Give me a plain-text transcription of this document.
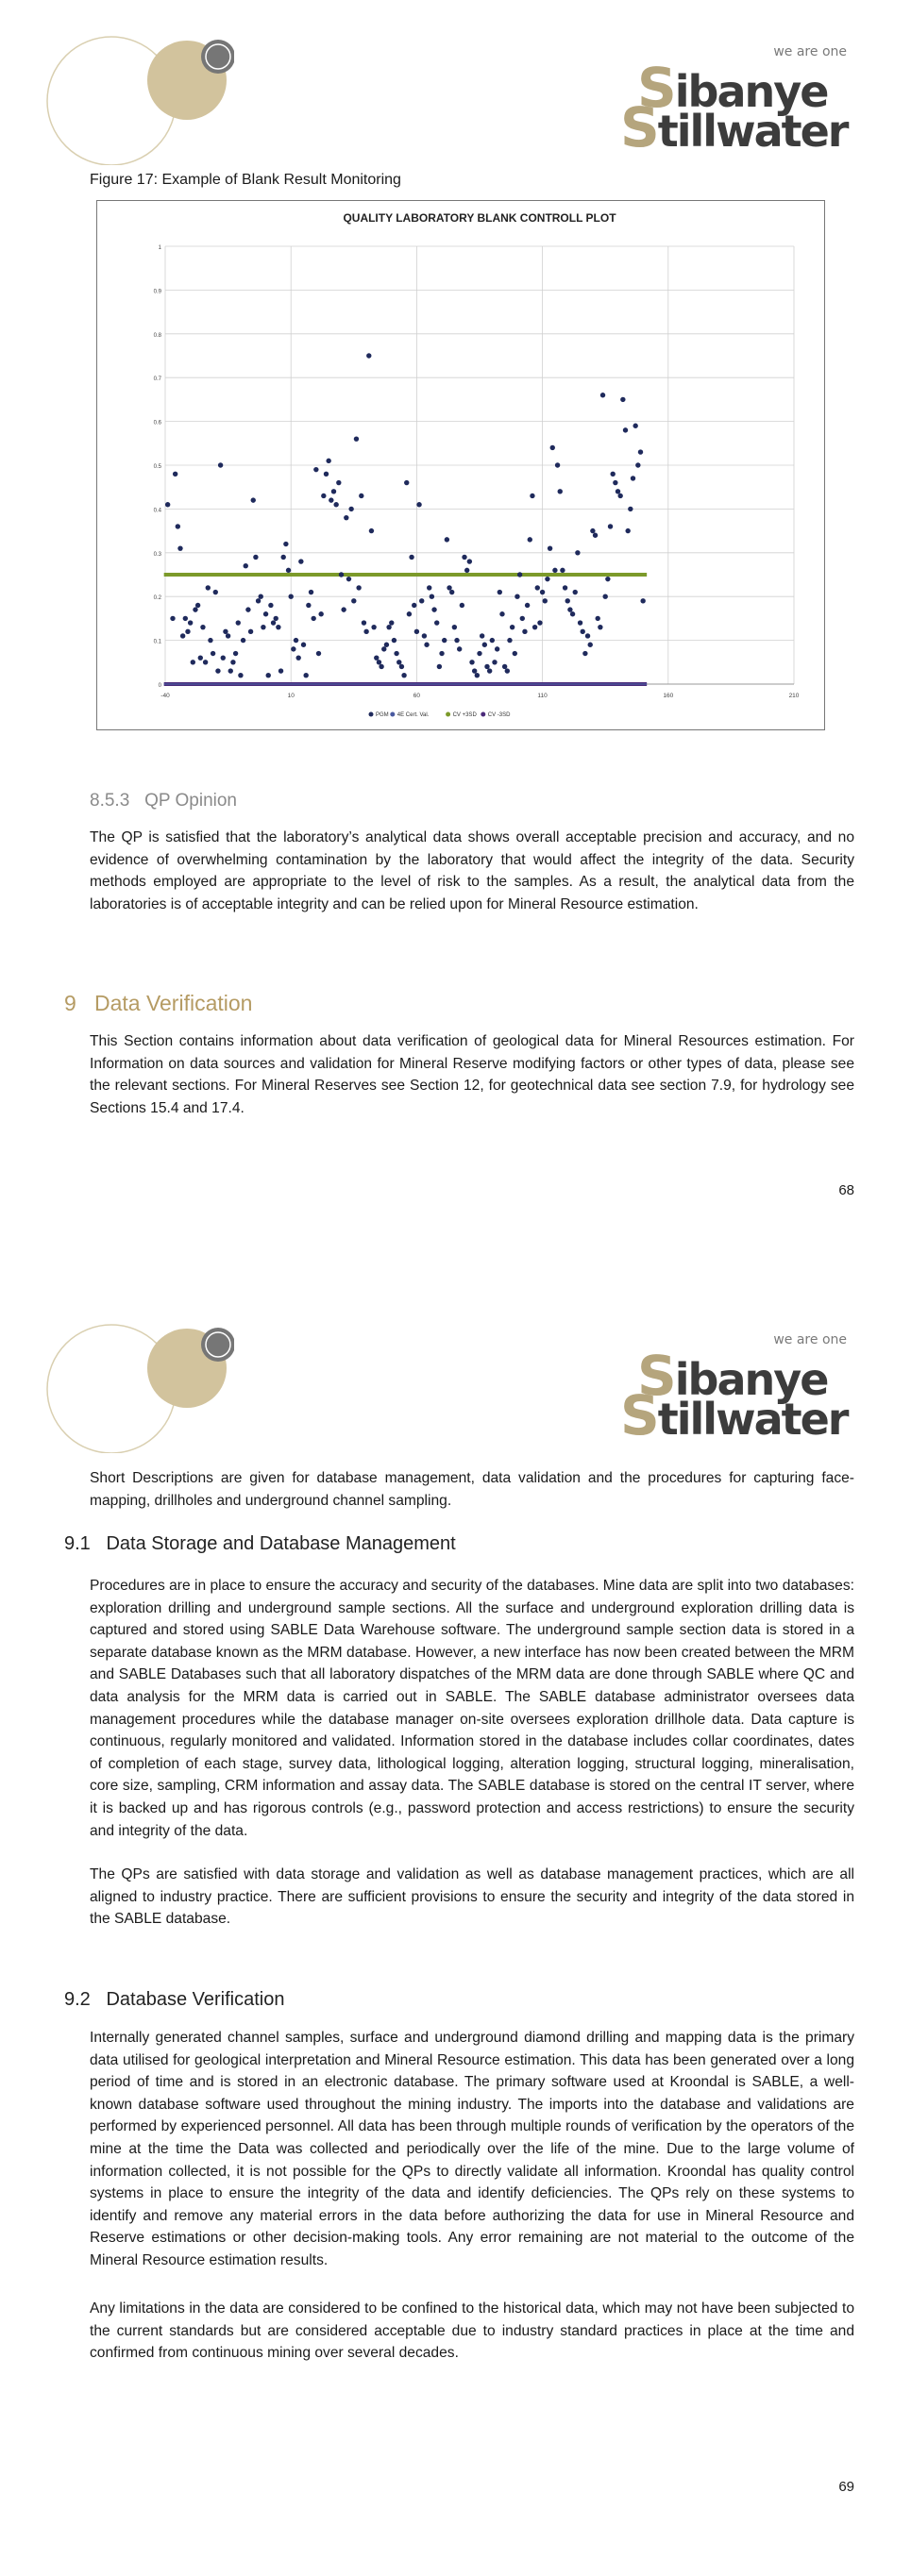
we are one
Sibanye
Stillwater
Figure 17: Example of Blank Result Monitoring
QUALITY LABORATORY BLANK CONTROLL PLOT
0
0.1
0.2
0.3
0.4
0.5
0.6
0.7
0.8
0.9
1
-40	10	60	110	160	210
PGM 4E Cert. Val.	CV +3SD CV -3SD
8.5.3 QP Opinion
The QP is satisfied that the laboratory’s analytical data shows overall acceptable precision and accuracy, and no evidence of overwhelming contamination by the laboratory that would affect the integrity of the data. Security methods employed are appropriate to the level of risk to the samples. As a result, the analytical data from the laboratories is of acceptable integrity and can be relied upon for Mineral Resource estimation.
9 Data Verification
This Section contains information about data verification of geological data for Mineral Resources estimation. For Information on data sources and validation for Mineral Reserve modifying factors or other types of data, please see the relevant sections. For Mineral Reserves see Section 12, for geotechnical data see section 7.9, for hydrology see Sections 15.4 and 17.4.
68
we are one
Sibanye
Stillwater
Short Descriptions are given for database management, data validation and the procedures for capturing face-mapping, drillholes and underground channel sampling.
9.1 Data Storage and Database Management
Procedures are in place to ensure the accuracy and security of the databases. Mine data are split into two databases: exploration drilling and underground sample sections. All the surface and underground exploration drilling data is captured and stored using SABLE Data Warehouse software. The underground sample section data is stored in a separate database known as the MRM database. However, a new interface has now been created between the MRM and SABLE Databases such that all laboratory dispatches of the MRM data are done through SABLE where QC and data analysis for the MRM data is carried out in SABLE. The SABLE database administrator oversees data management procedures while the database manager on-site oversees exploration drillhole data. Data capture is continuous, regularly monitored and validated. Information stored in the database includes collar coordinates, dates of completion of each stage, survey data, lithological logging, alteration logging, structural logging, mineralisation, core size, sampling, CRM information and assay data. The SABLE database is stored on the central IT server, where it is backed up and has rigorous controls (e.g., password protection and access restrictions) to ensure the security and integrity of the data.
The QPs are satisfied with data storage and validation as well as database management practices, which are all aligned to industry practice. There are sufficient provisions to ensure the security and integrity of the data stored in the SABLE database.
9.2 Database Verification
Internally generated channel samples, surface and underground diamond drilling and mapping data is the primary data utilised for geological interpretation and Mineral Resource estimation. This data has been generated over a long period of time and is stored in an electronic database. The primary software used at Kroondal is SABLE, a well-known database software used throughout the mining industry. The imports into the database and validations are performed by experienced personnel. All data has been through multiple rounds of verification by the operators of the mine at the time the Data was collected and periodically over the life of the mine. Due to the large volume of information collected, it is not possible for the QPs to directly validate all information. Kroondal has quality control systems in place to ensure the integrity of the data and identify deficiencies. The QPs rely on these systems to identify and remove any material errors in the data before authorizing the data for use in Mineral Resource and Reserve estimations or other decision-making tools. Any error remaining are not material to the outcome of the Mineral Resource estimation results.
Any limitations in the data are considered to be confined to the historical data, which may not have been subjected to the current standards but are considered acceptable due to industry standard practices in place at the time and confirmed from continuous mining over several decades.
69
